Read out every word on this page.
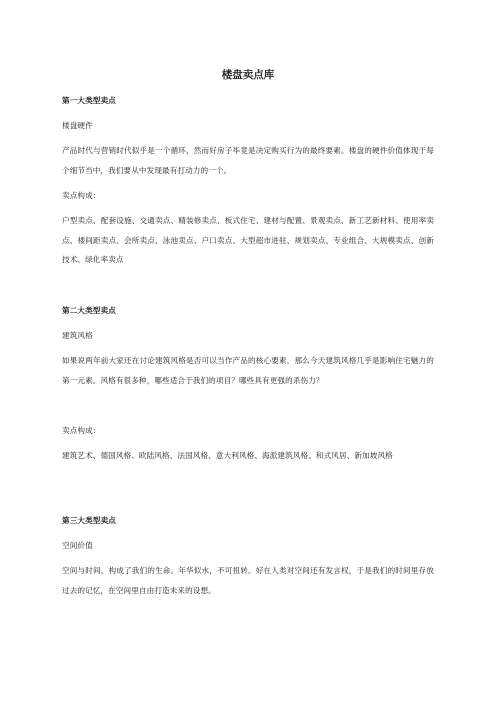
楼盘卖点库
第一大类型卖点
楼盘硬件
产品时代与营销时代似乎是一个循环，然而好房子毕竟是决定购买行为的最终要素。楼盘的硬件价值体现于每个细节当中，我们要从中发现最有打动力的一个。
卖点构成：
户型卖点、配套设施、交通卖点、精装修卖点、板式住宅、建材与配置、景观卖点、新工艺新材料、使用率卖点、楼间距卖点、会所卖点、泳池卖点、户口卖点、大型超市进驻、规划卖点、专业组合、大规模卖点、创新技术、绿化率卖点
第二大类型卖点
建筑风格
如果说两年前大家还在讨论建筑风格是否可以当作产品的核心要素，那么今天建筑风格几乎是影响住宅魅力的第一元素。风格有很多种，哪些适合于我们的项目？哪些具有更强的杀伤力？
卖点构成：
建筑艺术、德国风格、欧陆风格、法国风格、意大利风格、海派建筑风格、和式风居、新加坡风格
第三大类型卖点
空间价值
空间与时间，构成了我们的生命。年华似水，不可扭转。好在人类对空间还有发言权，于是我们的时间里存放过去的记忆，在空间里自由打造未来的设想。
